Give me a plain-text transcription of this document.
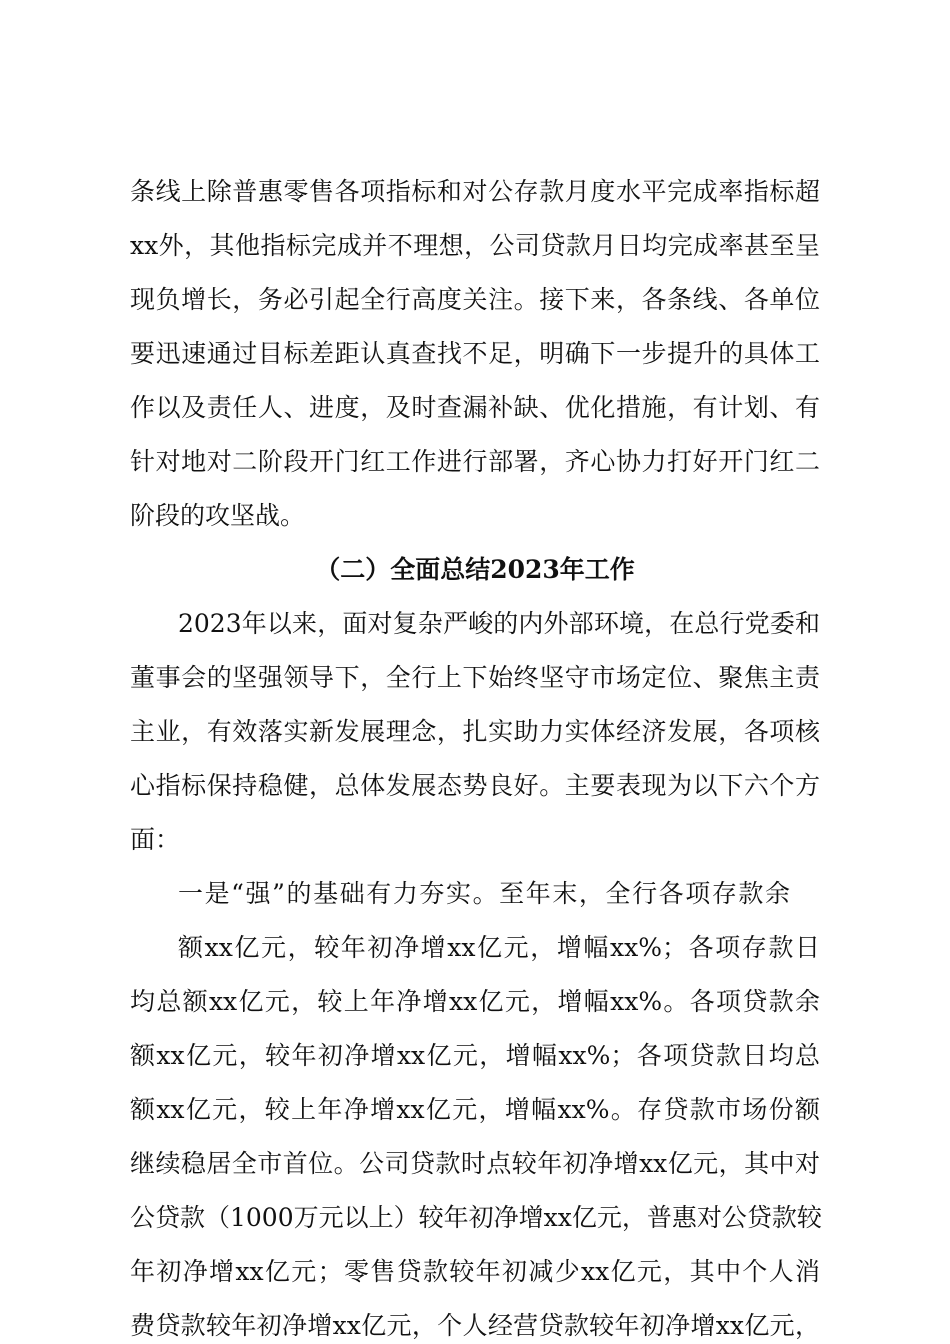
条线上除普惠零售各项指标和对公存款月度水平完成率指标超
xx外，其他指标完成并不理想，公司贷款月日均完成率甚至呈
现负增长，务必引起全行高度关注。接下来，各条线、各单位
要迅速通过目标差距认真查找不足，明确下一步提升的具体工
作以及责任人、进度，及时查漏补缺、优化措施，有计划、有
针对地对二阶段开门红工作进行部署，齐心协力打好开门红二
阶段的攻坚战。
（二）全面总结2023年工作
2023年以来，面对复杂严峻的内外部环境，在总行党委和
董事会的坚强领导下，全行上下始终坚守市场定位、聚焦主责
主业，有效落实新发展理念，扎实助力实体经济发展，各项核
心指标保持稳健，总体发展态势良好。主要表现为以下六个方
面：
一是“强”的基础有力夯实。至年末，全行各项存款余
额xx亿元，较年初净增xx亿元，增幅xx%；各项存款日
均总额xx亿元，较上年净增xx亿元，增幅xx%。各项贷款余
额xx亿元，较年初净增xx亿元，增幅xx%；各项贷款日均总
额xx亿元，较上年净增xx亿元，增幅xx%。存贷款市场份额
继续稳居全市首位。公司贷款时点较年初净增xx亿元，其中对
公贷款（1000万元以上）较年初净增xx亿元，普惠对公贷款较
年初净增xx亿元；零售贷款较年初减少xx亿元，其中个人消
费贷款较年初净增xx亿元，个人经营贷款较年初净增xx亿元，
